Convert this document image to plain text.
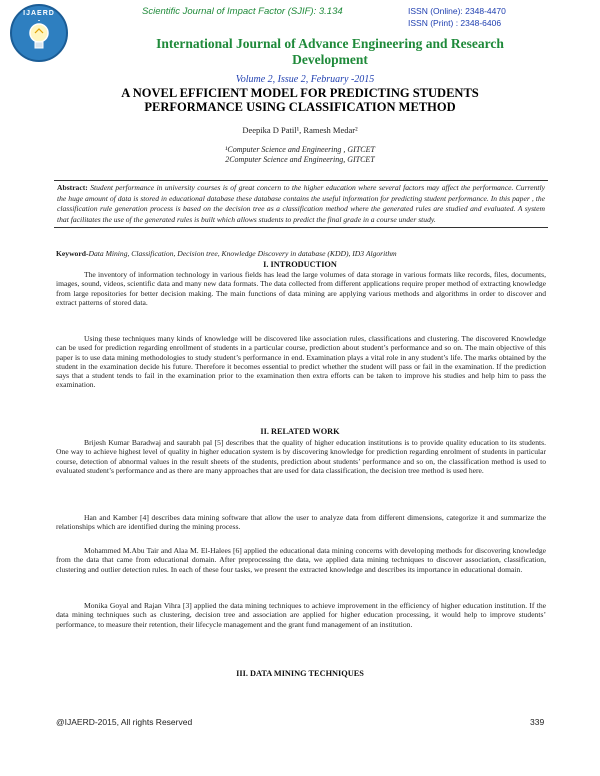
IJAERD	Scientific Journal of Impact Factor (SJIF): 3.134	ISSN (Online): 2348-4470
ISSN (Print) : 2348-6406
International Journal of Advance Engineering and Research Development
Volume 2, Issue 2, February -2015
A NOVEL EFFICIENT MODEL FOR PREDICTING STUDENTS
PERFORMANCE USING CLASSIFICATION METHOD
Deepika D Patil¹, Ramesh Medar²
¹Computer Science and Engineering , GITCET
2Computer Science and Engineering, GITCET
Abstract: Student performance in university courses is of great concern to the higher education where several factors may affect the performance. Currently the huge amount of data is stored in educational database these database contains the useful information for predicting student performance. In this paper , the classification rule generation process is based on the decision tree as a classification method where the generated rules are studied and evaluated. A system that facilitates the use of the generated rules is built which allows students to predict the final grade in a course under study.
Keyword-Data Mining, Classification, Decision tree, Knowledge Discovery in database (KDD), ID3 Algorithm
I. INTRODUCTION
The inventory of information technology in various fields has lead the large volumes of data storage in various formats like records, files, documents, images, sound, videos, scientific data and many new data formats. The data collected from different applications require proper method of extracting knowledge from large repositories for better decision making. The main functions of data mining are applying various methods and algorithms in order to discover and extract patterns of stored data.
Using these techniques many kinds of knowledge will be discovered like association rules, classifications and clustering. The discovered Knowledge can be used for prediction regarding enrollment of students in a particular course, prediction about student’s performance and so on. The main objective of this paper is to use data mining methodologies to study student’s performance in end. Examination plays a vital role in any student’s life. The marks obtained by the student in the examination decide his future. Therefore it becomes essential to predict whether the student will pass or fail in the examination. If the prediction says that a student tends to fail in the examination prior to the examination then extra efforts can be taken to improve his studies and help him to pass the examination.
II. RELATED WORK
Brijesh Kumar Baradwaj and saurabh pal [5] describes that the quality of higher education institutions is to provide quality education to its students. One way to achieve highest level of quality in higher education system is by discovering knowledge for prediction regarding enrolment of students in particular course, detection of abnormal values in the result sheets of the students, prediction about students’ performance and so on, the classification method is used to evaluated student’s performance and as there are many approaches that are used for data classification, the decision tree method is used here.
Han and Kamber [4] describes data mining software that allow the user to analyze data from different dimensions, categorize it and summarize the relationships which are identified during the mining process.
Mohammed M.Abu Tair and Alaa M. El-Halees [6] applied the educational data mining concerns with developing methods for discovering knowledge from the data that came from educational domain. After preprocessing the data, we applied data mining techniques to discover association, classification, clustering and outlier detection rules. In each of these four tasks, we present the extracted knowledge and describes its importance in educational domain.
Monika Goyal and Rajan Vihra [3] applied the data mining techniques to achieve improvement in the efficiency of higher education institution. If the data mining techniques such as clustering, decision tree and association are applied for higher education processing, it would help to improve students’ performance, to measure their retention, their lifecycle management and the grant fund management of an institution.
III. DATA MINING TECHNIQUES
@IJAERD-2015, All rights Reserved	339
